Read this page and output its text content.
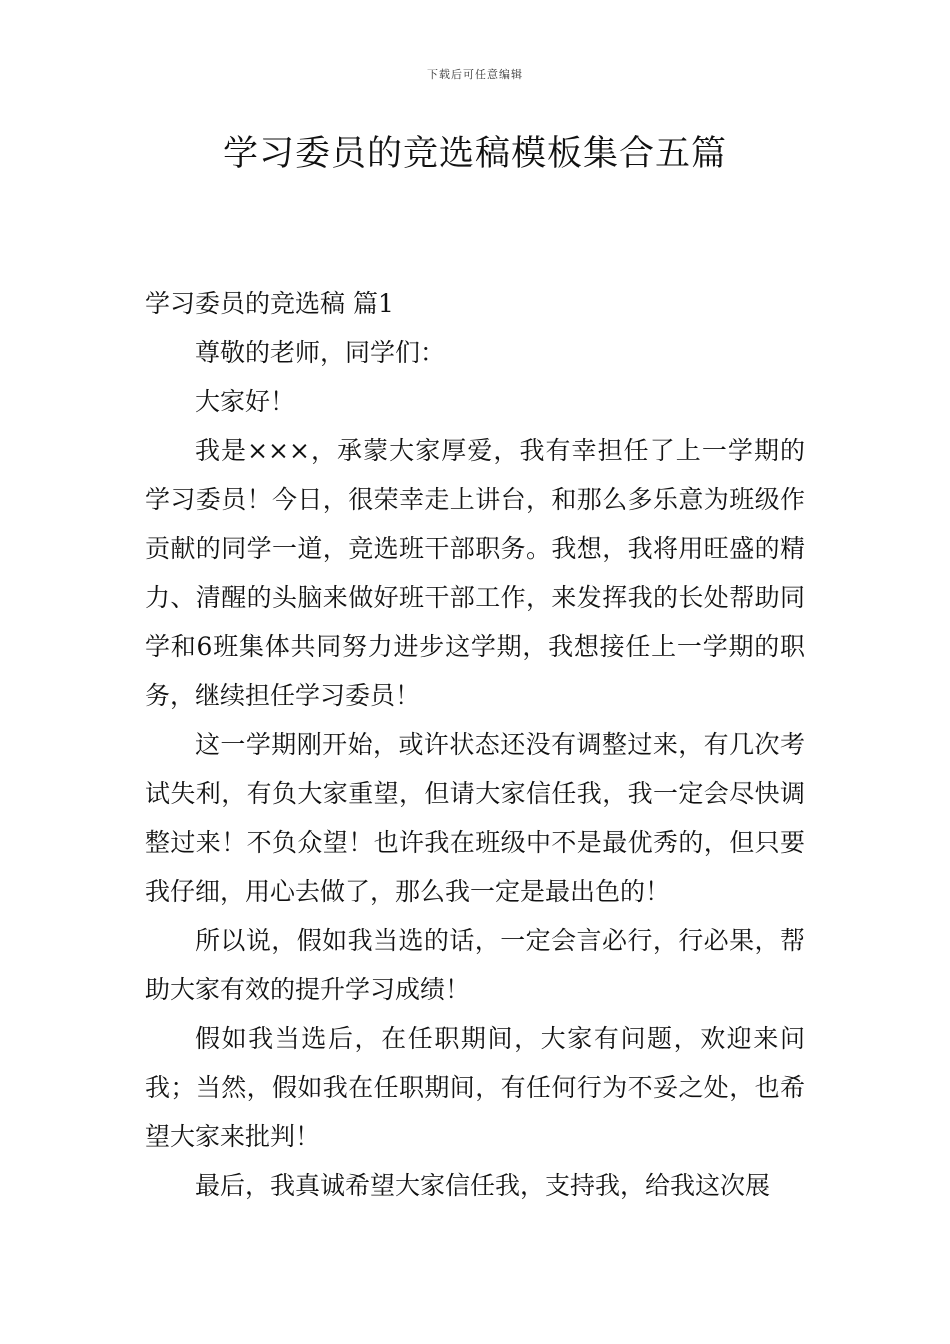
下载后可任意编辑
学习委员的竞选稿模板集合五篇

学习委员的竞选稿 篇1

尊敬的老师，同学们：

大家好！

我是×××，承蒙大家厚爱，我有幸担任了上一学期的学习委员！今日，很荣幸走上讲台，和那么多乐意为班级作贡献的同学一道，竞选班干部职务。我想，我将用旺盛的精力、清醒的头脑来做好班干部工作，来发挥我的长处帮助同学和6班集体共同努力进步这学期，我想接任上一学期的职务，继续担任学习委员！

这一学期刚开始，或许状态还没有调整过来，有几次考试失利，有负大家重望，但请大家信任我，我一定会尽快调整过来！不负众望！也许我在班级中不是最优秀的，但只要我仔细，用心去做了，那么我一定是最出色的！

所以说，假如我当选的话，一定会言必行，行必果，帮助大家有效的提升学习成绩！

假如我当选后，在任职期间，大家有问题，欢迎来问我；当然，假如我在任职期间，有任何行为不妥之处，也希望大家来批判！

最后，我真诚希望大家信任我，支持我，给我这次展
